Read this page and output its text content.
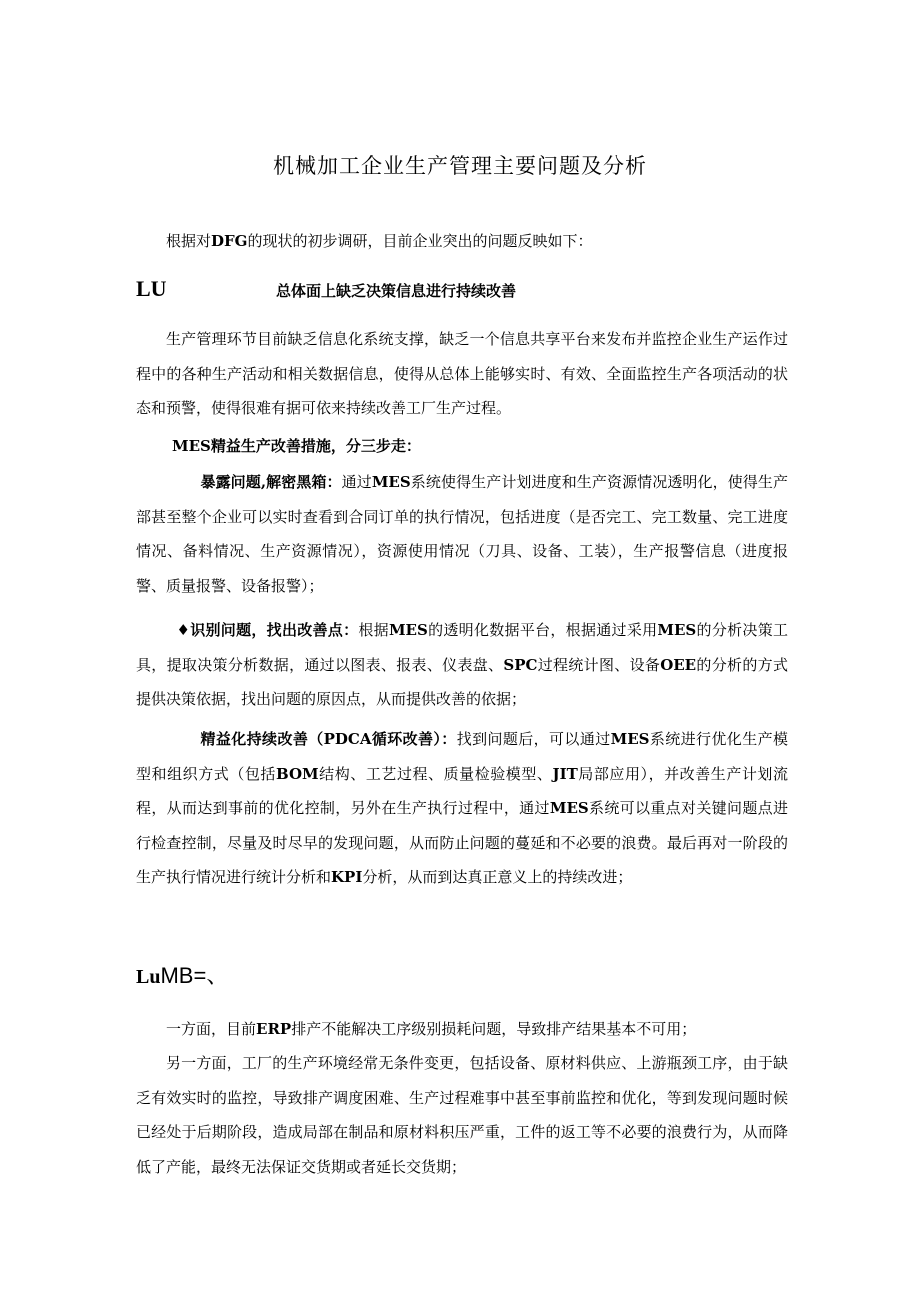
机械加工企业生产管理主要问题及分析

根据对DFG的现状的初步调研，目前企业突出的问题反映如下：

LU	总体面上缺乏决策信息进行持续改善

生产管理环节目前缺乏信息化系统支撑，缺乏一个信息共享平台来发布并监控企业生产运作过程中的各种生产活动和相关数据信息，使得从总体上能够实时、有效、全面监控生产各项活动的状态和预警，使得很难有据可依来持续改善工厂生产过程。

MES精益生产改善措施，分三步走：

暴露问题,解密黑箱：通过MES系统使得生产计划进度和生产资源情况透明化，使得生产部甚至整个企业可以实时查看到合同订单的执行情况，包括进度（是否完工、完工数量、完工进度情况、备料情况、生产资源情况），资源使用情况（刀具、设备、工装），生产报警信息（进度报警、质量报警、设备报警）；

♦识别问题，找出改善点：根据MES的透明化数据平台，根据通过采用MES的分析决策工具，提取决策分析数据，通过以图表、报表、仪表盘、SPC过程统计图、设备OEE的分析的方式提供决策依据，找出问题的原因点，从而提供改善的依据；

精益化持续改善（PDCA循环改善）：找到问题后，可以通过MES系统进行优化生产模型和组织方式（包括BOM结构、工艺过程、质量检验模型、JIT局部应用），并改善生产计划流程，从而达到事前的优化控制，另外在生产执行过程中，通过MES系统可以重点对关键问题点进行检查控制，尽量及时尽早的发现问题，从而防止问题的蔓延和不必要的浪费。最后再对一阶段的生产执行情况进行统计分析和KPI分析，从而到达真正意义上的持续改进；

LuMB=、

一方面，目前ERP排产不能解决工序级别损耗问题，导致排产结果基本不可用；

另一方面，工厂的生产环境经常无条件变更，包括设备、原材料供应、上游瓶颈工序，由于缺乏有效实时的监控，导致排产调度困难、生产过程难事中甚至事前监控和优化，等到发现问题时候已经处于后期阶段，造成局部在制品和原材料积压严重，工件的返工等不必要的浪费行为，从而降低了产能，最终无法保证交货期或者延长交货期；
